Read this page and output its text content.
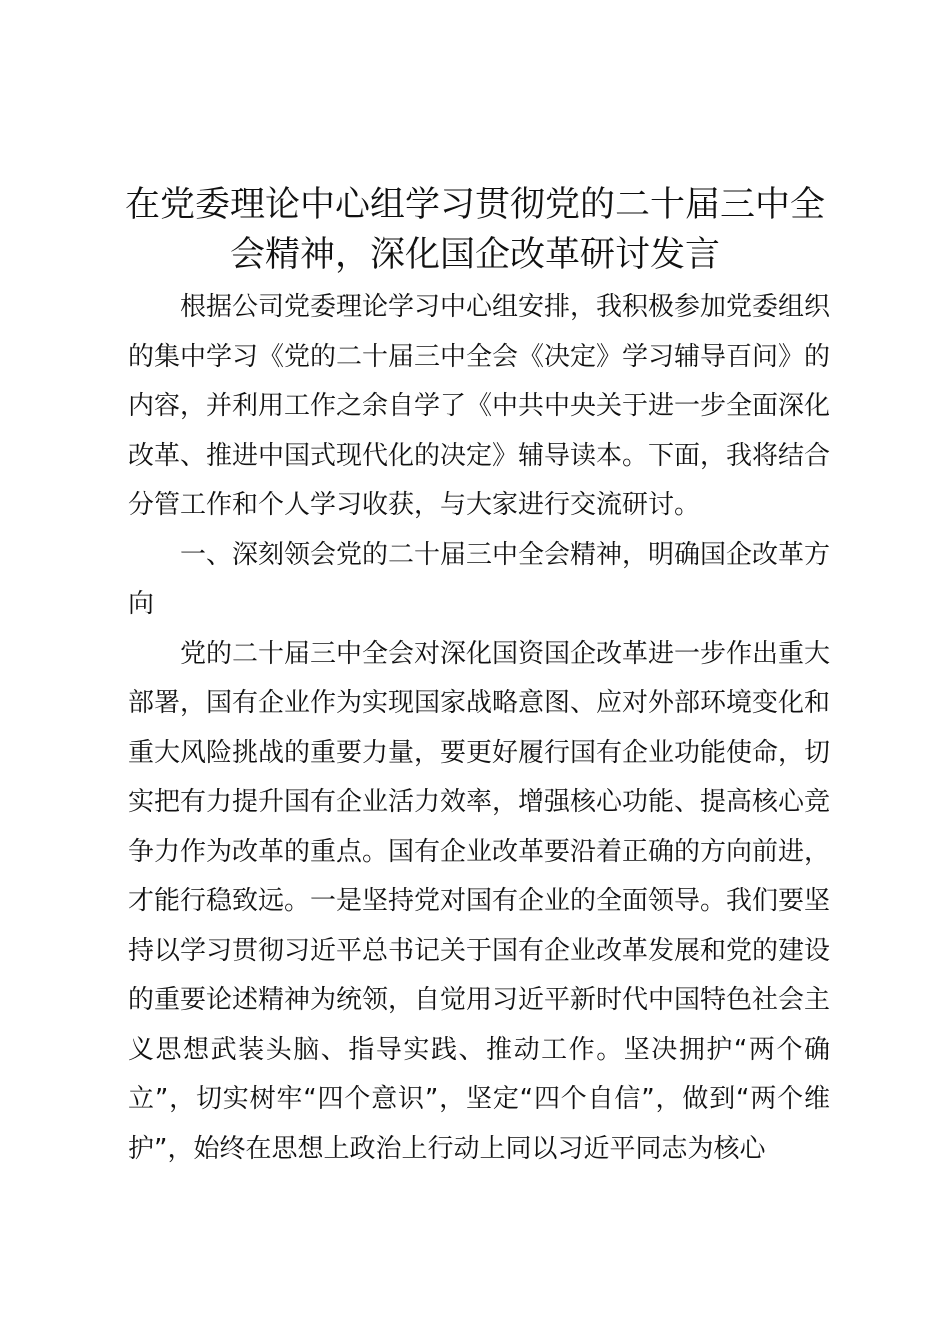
在党委理论中心组学习贯彻党的二十届三中全会精神，深化国企改革研讨发言

根据公司党委理论学习中心组安排，我积极参加党委组织的集中学习《党的二十届三中全会《决定》学习辅导百问》的内容，并利用工作之余自学了《中共中央关于进一步全面深化改革、推进中国式现代化的决定》辅导读本。下面，我将结合分管工作和个人学习收获，与大家进行交流研讨。

一、深刻领会党的二十届三中全会精神，明确国企改革方向

党的二十届三中全会对深化国资国企改革进一步作出重大部署，国有企业作为实现国家战略意图、应对外部环境变化和重大风险挑战的重要力量，要更好履行国有企业功能使命，切实把有力提升国有企业活力效率，增强核心功能、提高核心竞争力作为改革的重点。国有企业改革要沿着正确的方向前进，才能行稳致远。一是坚持党对国有企业的全面领导。我们要坚持以学习贯彻习近平总书记关于国有企业改革发展和党的建设的重要论述精神为统领，自觉用习近平新时代中国特色社会主义思想武装头脑、指导实践、推动工作。坚决拥护“两个确立”，切实树牢“四个意识”，坚定“四个自信”，做到“两个维护”，始终在思想上政治上行动上同以习近平同志为核心
